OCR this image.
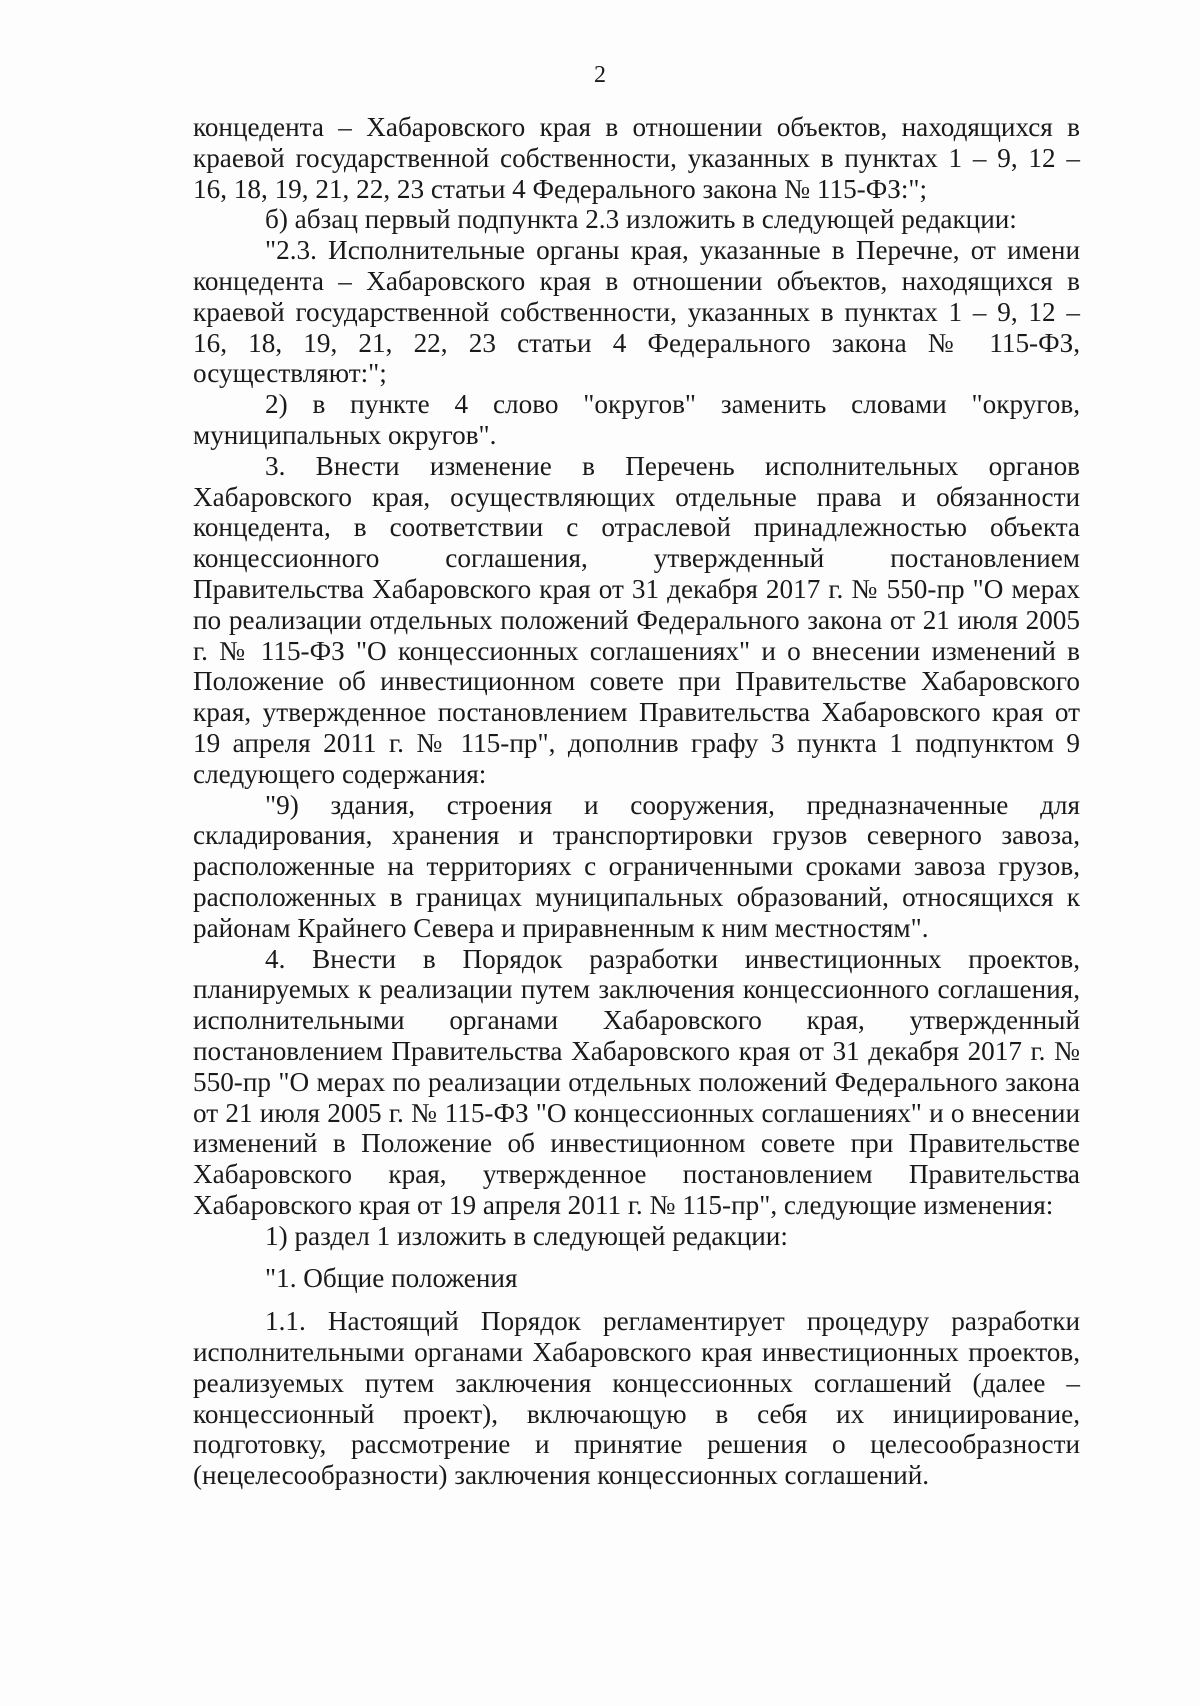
2

концедента – Хабаровского края в отношении объектов, находящихся в краевой государственной собственности, указанных в пунктах 1 – 9, 12 – 16, 18, 19, 21, 22, 23 статьи 4 Федерального закона № 115-ФЗ:";

б) абзац первый подпункта 2.3 изложить в следующей редакции:

"2.3. Исполнительные органы края, указанные в Перечне, от имени концедента – Хабаровского края в отношении объектов, находящихся в краевой государственной собственности, указанных в пунктах 1 – 9, 12 – 16, 18, 19, 21, 22, 23 статьи 4 Федерального закона № 115-ФЗ, осуществляют:";

2) в пункте 4 слово "округов" заменить словами "округов, муниципальных округов".

3. Внести изменение в Перечень исполнительных органов Хабаровского края, осуществляющих отдельные права и обязанности концедента, в соответствии с отраслевой принадлежностью объекта концессионного соглашения, утвержденный постановлением Правительства Хабаровского края от 31 декабря 2017 г. № 550-пр "О мерах по реализации отдельных положений Федерального закона от 21 июля 2005 г. № 115-ФЗ "О концессионных соглашениях" и о внесении изменений в Положение об инвестиционном совете при Правительстве Хабаровского края, утвержденное постановлением Правительства Хабаровского края от 19 апреля 2011 г. № 115-пр", дополнив графу 3 пункта 1 подпунктом 9 следующего содержания:

"9) здания, строения и сооружения, предназначенные для складирования, хранения и транспортировки грузов северного завоза, расположенные на территориях с ограниченными сроками завоза грузов, расположенных в границах муниципальных образований, относящихся к районам Крайнего Севера и приравненным к ним местностям".

4. Внести в Порядок разработки инвестиционных проектов, планируемых к реализации путем заключения концессионного соглашения, исполнительными органами Хабаровского края, утвержденный постановлением Правительства Хабаровского края от 31 декабря 2017 г. № 550-пр "О мерах по реализации отдельных положений Федерального закона от 21 июля 2005 г. № 115-ФЗ "О концессионных соглашениях" и о внесении изменений в Положение об инвестиционном совете при Правительстве Хабаровского края, утвержденное постановлением Правительства Хабаровского края от 19 апреля 2011 г. № 115-пр", следующие изменения:

1) раздел 1 изложить в следующей редакции:

"1. Общие положения

1.1. Настоящий Порядок регламентирует процедуру разработки исполнительными органами Хабаровского края инвестиционных проектов, реализуемых путем заключения концессионных соглашений (далее – концессионный проект), включающую в себя их инициирование, подготовку, рассмотрение и принятие решения о целесообразности (нецелесообразности) заключения концессионных соглашений.
